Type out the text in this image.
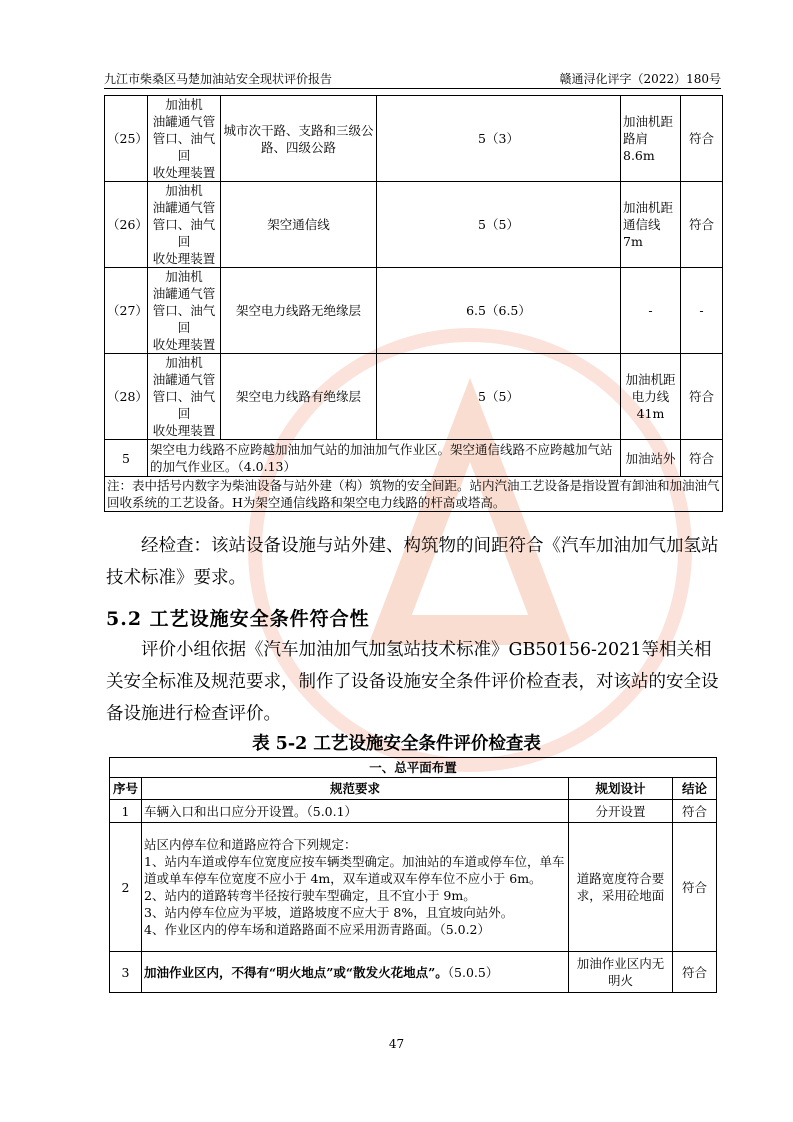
九江市柴桑区马楚加油站安全现状评价报告	赣通浔化评字（2022）180号
（25）	加油机
油罐通气管
管口、油气回
收处理装置	城市次干路、支路和三级公
路、四级公路	5（3）	加油机距
路肩 8.6m	符合
（26）	加油机
油罐通气管
管口、油气回
收处理装置	架空通信线	5（5）	加油机距
通信线7m	符合
（27）	加油机
油罐通气管
管口、油气回
收处理装置	架空电力线路无绝缘层	6.5（6.5）	-	-
（28）	加油机
油罐通气管
管口、油气回
收处理装置	架空电力线路有绝缘层	5（5）	加油机距
电力线
41m	符合
5	架空电力线路不应跨越加油加气站的加油加气作业区。架空通信线路不应跨越加气站的加气作业区。（4.0.13）			加油站外	符合
注：表中括号内数字为柴油设备与站外建（构）筑物的安全间距。站内汽油工艺设备是指设置有卸油和加油油气回收系统的工艺设备。H为架空通信线路和架空电力线路的杆高或塔高。					
经检查：该站设备设施与站外建、构筑物的间距符合《汽车加油加气加氢站技术标准》要求。
5.2 工艺设施安全条件符合性
评价小组依据《汽车加油加气加氢站技术标准》GB50156-2021等相关相关安全标准及规范要求，制作了设备设施安全条件评价检查表，对该站的安全设备设施进行检查评价。
表 5-2 工艺设施安全条件评价检查表
一、总平面布置			
序号	规范要求	规划设计	结论
1	车辆入口和出口应分开设置。（5.0.1）	分开设置	符合
2	站区内停车位和道路应符合下列规定：
1、站内车道或停车位宽度应按车辆类型确定。加油站的车道或停车位，单车道或单车停车位宽度不应小于 4m，双车道或双车停车位不应小于 6m。
2、站内的道路转弯半径按行驶车型确定，且不宜小于 9m。
3、站内停车位应为平坡，道路坡度不应大于 8%，且宜坡向站外。
4、作业区内的停车场和道路路面不应采用沥青路面。（5.0.2）	道路宽度符合要求，采用砼地面	符合
3	加油作业区内，不得有“明火地点”或“散发火花地点”。（5.0.5）	加油作业区内无明火	符合
47
